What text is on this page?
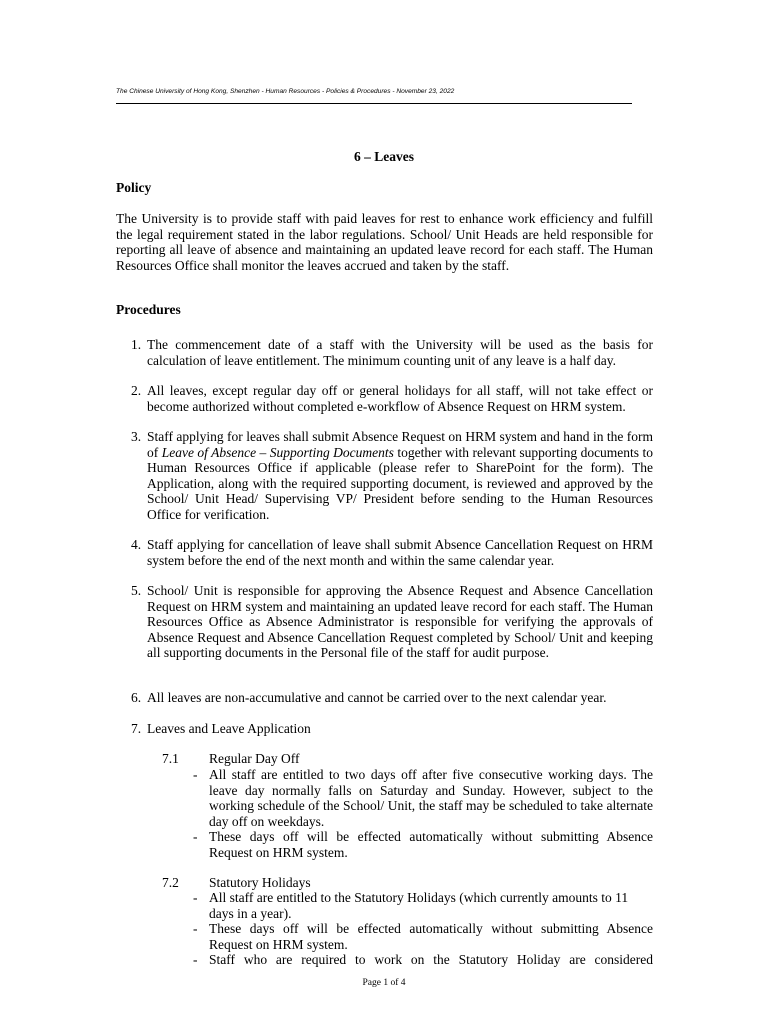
The Chinese University of Hong Kong, Shenzhen - Human Resources - Policies & Procedures - November 23, 2022
6 – Leaves
Policy
The University is to provide staff with paid leaves for rest to enhance work efficiency and fulfill the legal requirement stated in the labor regulations. School/ Unit Heads are held responsible for reporting all leave of absence and maintaining an updated leave record for each staff. The Human Resources Office shall monitor the leaves accrued and taken by the staff.
Procedures
1. The commencement date of a staff with the University will be used as the basis for calculation of leave entitlement. The minimum counting unit of any leave is a half day.
2. All leaves, except regular day off or general holidays for all staff, will not take effect or become authorized without completed e-workflow of Absence Request on HRM system.
3. Staff applying for leaves shall submit Absence Request on HRM system and hand in the form of Leave of Absence – Supporting Documents together with relevant supporting documents to Human Resources Office if applicable (please refer to SharePoint for the form). The Application, along with the required supporting document, is reviewed and approved by the School/ Unit Head/ Supervising VP/ President before sending to the Human Resources Office for verification.
4. Staff applying for cancellation of leave shall submit Absence Cancellation Request on HRM system before the end of the next month and within the same calendar year.
5. School/ Unit is responsible for approving the Absence Request and Absence Cancellation Request on HRM system and maintaining an updated leave record for each staff. The Human Resources Office as Absence Administrator is responsible for verifying the approvals of Absence Request and Absence Cancellation Request completed by School/ Unit and keeping all supporting documents in the Personal file of the staff for audit purpose.
6. All leaves are non-accumulative and cannot be carried over to the next calendar year.
7. Leaves and Leave Application
7.1 Regular Day Off
- All staff are entitled to two days off after five consecutive working days. The leave day normally falls on Saturday and Sunday. However, subject to the working schedule of the School/ Unit, the staff may be scheduled to take alternate day off on weekdays.
- These days off will be effected automatically without submitting Absence Request on HRM system.
7.2 Statutory Holidays
- All staff are entitled to the Statutory Holidays (which currently amounts to 11 days in a year).
- These days off will be effected automatically without submitting Absence Request on HRM system.
- Staff who are required to work on the Statutory Holiday are considered
Page 1 of 4
